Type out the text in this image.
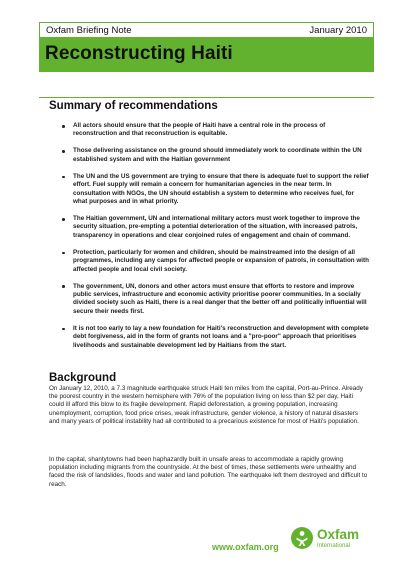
Oxfam Briefing Note	January 2010
Reconstructing Haiti
Summary of recommendations
All actors should ensure that the people of Haiti have a central role in the process of reconstruction and that reconstruction is equitable.
Those delivering assistance on the ground should immediately work to coordinate within the UN established system and with the Haitian government
The UN and the US government are trying to ensure that there is adequate fuel to support the relief effort. Fuel supply will remain a concern for humanitarian agencies in the near term. In consultation with NGOs, the UN should establish a system to determine who receives fuel, for what purposes and in what priority.
The Haitian government, UN and international military actors must work together to improve the security situation, pre-empting a potential deterioration of the situation, with increased patrols, transparency in operations and clear conjoined rules of engagement and chain of command.
Protection, particularly for women and children, should be mainstreamed into the design of all programmes, including any camps for affected people or expansion of patrols, in consultation with affected people and local civil society.
The government, UN, donors and other actors must ensure that efforts to restore and improve public services, infrastructure and economic activity prioritise poorer communities. In a socially divided society such as Haiti, there is a real danger that the better off and politically influential will secure their needs first.
It is not too early to lay a new foundation for Haiti's reconstruction and development with complete debt forgiveness, aid in the form of grants not loans and a "pro-poor" approach that prioritises livelihoods and sustainable development led by Haitians from the start.
Background

On January 12, 2010, a 7.3 magnitude earthquake struck Haiti ten miles from the capital, Port-au-Prince. Already the poorest country in the western hemisphere with 76% of the population living on less than $2 per day, Haiti could ill afford this blow to its fragile development. Rapid deforestation, a growing population, increasing unemployment, corruption, food price crises, weak infrastructure, gender violence, a history of natural disasters and many years of political instability had all contributed to a precarious existence for most of Haiti's population.

In the capital, shantytowns had been haphazardly built in unsafe areas to accommodate a rapidly growing population including migrants from the countryside. At the best of times, these settlements were unhealthy and faced the risk of landslides, floods and water and land pollution. The earthquake left them destroyed and difficult to reach.

www.oxfam.org
Oxfam
International
